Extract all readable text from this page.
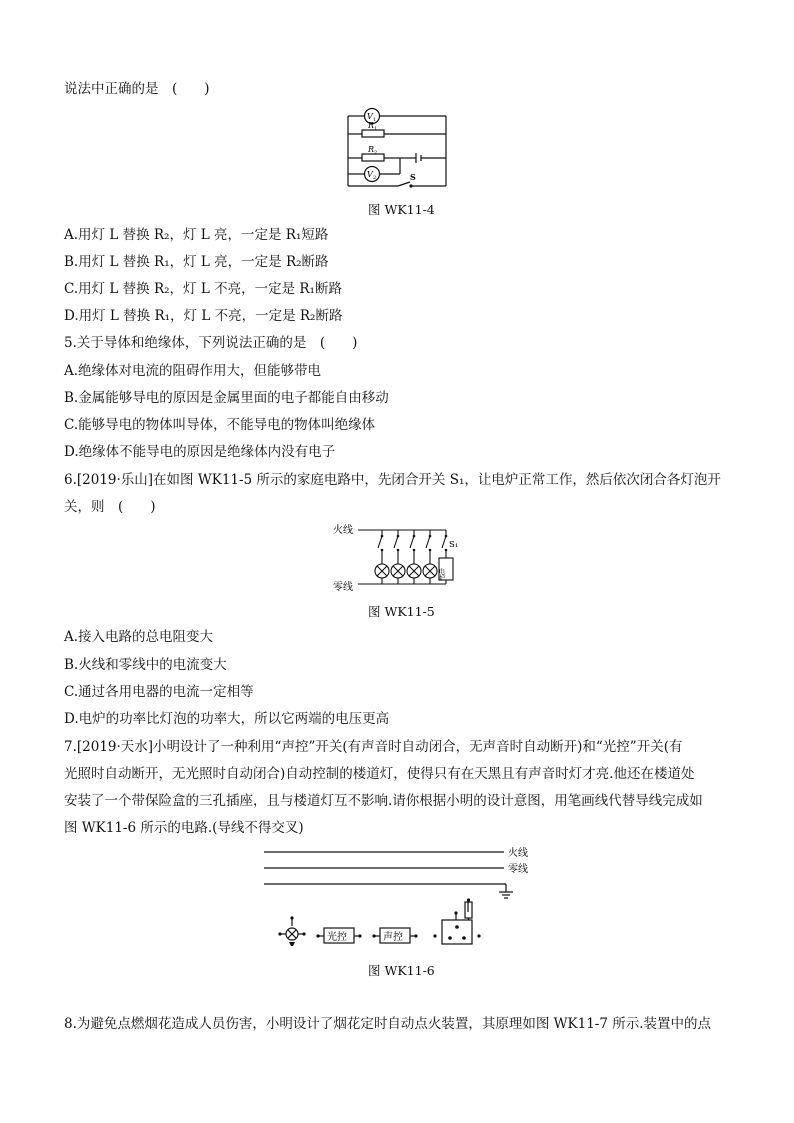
说法中正确的是　(　　)
V 1
V 2
R 1
R 2
S
图 WK11-4
A.用灯 L 替换 R₂，灯 L 亮，一定是 R₁短路
B.用灯 L 替换 R₁，灯 L 亮，一定是 R₂断路
C.用灯 L 替换 R₂，灯 L 不亮，一定是 R₁断路
D.用灯 L 替换 R₁，灯 L 不亮，一定是 R₂断路
5.关于导体和绝缘体，下列说法正确的是　(　　)
A.绝缘体对电流的阻碍作用大，但能够带电
B.金属能够导电的原因是金属里面的电子都能自由移动
C.能够导电的物体叫导体，不能导电的物体叫绝缘体
D.绝缘体不能导电的原因是绝缘体内没有电子
6.[2019·乐山]在如图 WK11-5 所示的家庭电路中，先闭合开关 S₁，让电炉正常工作，然后依次闭合各灯泡开
关，则　(　　)
火线
零线
S₁
电炉
图 WK11-5
A.接入电路的总电阻变大
B.火线和零线中的电流变大
C.通过各用电器的电流一定相等
D.电炉的功率比灯泡的功率大，所以它两端的电压更高
7.[2019·天水]小明设计了一种利用“声控”开关(有声音时自动闭合，无声音时自动断开)和“光控”开关(有
光照时自动断开，无光照时自动闭合)自动控制的楼道灯，使得只有在天黑且有声音时灯才亮.他还在楼道处
安装了一个带保险盒的三孔插座，且与楼道灯互不影响.请你根据小明的设计意图，用笔画线代替导线完成如
图 WK11-6 所示的电路.(导线不得交叉)
火线
零线
光控	声控
图 WK11-6
8.为避免点燃烟花造成人员伤害，小明设计了烟花定时自动点火装置，其原理如图 WK11-7 所示.装置中的点
